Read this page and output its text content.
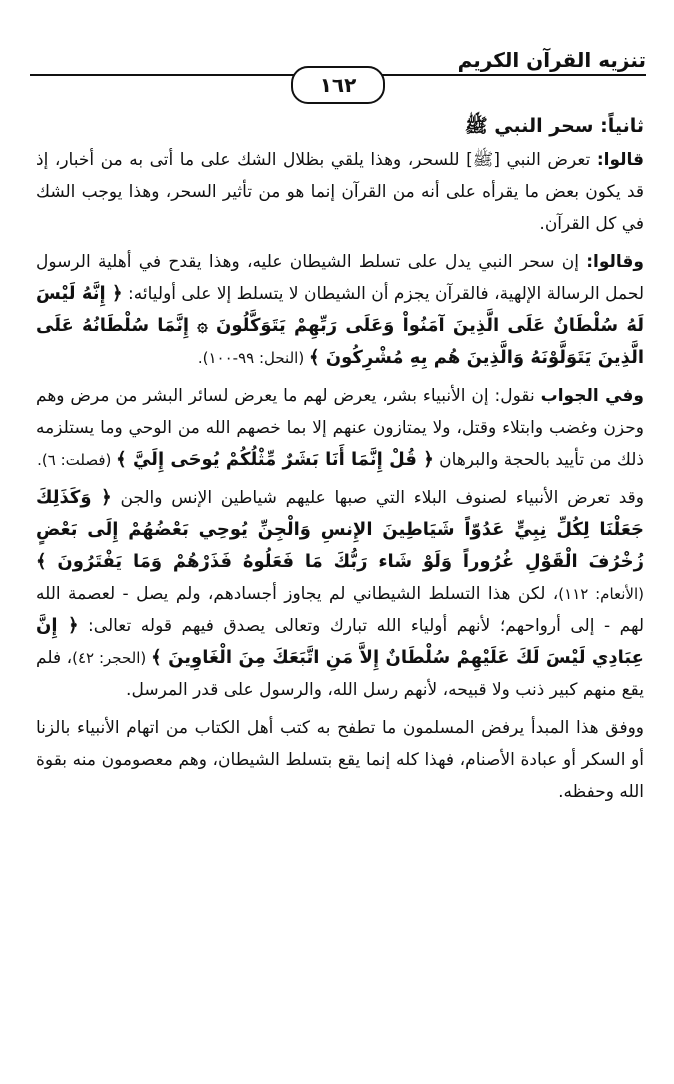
تنزيه القرآن الكريم
١٦٢
ثانياً: سحر النبي ﷺ

قالوا: تعرض النبي [ﷺ] للسحر، وهذا يلقي بظلال الشك على ما أتى به من أخبار، إذ قد يكون بعض ما يقرأه على أنه من القرآن إنما هو من تأثير السحر، وهذا يوجب الشك في كل القرآن.

وقالوا: إن سحر النبي يدل على تسلط الشيطان عليه، وهذا يقدح في أهلية الرسول لحمل الرسالة الإلهية، فالقرآن يجزم أن الشيطان لا يتسلط إلا على أوليائه: ﴿ إِنَّهُ لَيْسَ لَهُ سُلْطَانٌ عَلَى الَّذِينَ آمَنُواْ وَعَلَى رَبِّهِمْ يَتَوَكَّلُونَ ۞ إِنَّمَا سُلْطَانُهُ عَلَى الَّذِينَ يَتَوَلَّوْنَهُ وَالَّذِينَ هُم بِهِ مُشْرِكُونَ ﴾ (النحل: ٩٩-١٠٠).

وفي الجواب نقول: إن الأنبياء بشر، يعرض لهم ما يعرض لسائر البشر من مرض وهم وحزن وغضب وابتلاء وقتل، ولا يمتازون عنهم إلا بما خصهم الله من الوحي وما يستلزمه ذلك من تأييد بالحجة والبرهان ﴿ قُلْ إِنَّمَا أَنَا بَشَرٌ مِّثْلُكُمْ يُوحَى إِلَيَّ ﴾ (فصلت: ٦).

وقد تعرض الأنبياء لصنوف البلاء التي صبها عليهم شياطين الإنس والجن ﴿ وَكَذَلِكَ جَعَلْنَا لِكُلِّ نِبِيٍّ عَدُوّاً شَيَاطِينَ الإِنسِ وَالْجِنِّ يُوحِي بَعْضُهُمْ إِلَى بَعْضٍ زُخْرُفَ الْقَوْلِ غُرُوراً وَلَوْ شَاء رَبُّكَ مَا فَعَلُوهُ فَذَرْهُمْ وَمَا يَفْتَرُونَ ﴾ (الأنعام: ١١٢)، لكن هذا التسلط الشيطاني لم يجاوز أجسادهم، ولم يصل - لعصمة الله لهم - إلى أرواحهم؛ لأنهم أولياء الله تبارك وتعالى يصدق فيهم قوله تعالى: ﴿ إِنَّ عِبَادِي لَيْسَ لَكَ عَلَيْهِمْ سُلْطَانٌ إِلاَّ مَنِ اتَّبَعَكَ مِنَ الْغَاوِينَ ﴾ (الحجر: ٤٢)، فلم يقع منهم كبير ذنب ولا قبيحه، لأنهم رسل الله، والرسول على قدر المرسل.

ووفق هذا المبدأ يرفض المسلمون ما تطفح به كتب أهل الكتاب من اتهام الأنبياء بالزنا أو السكر أو عبادة الأصنام، فهذا كله إنما يقع بتسلط الشيطان، وهم معصومون منه بقوة الله وحفظه.
